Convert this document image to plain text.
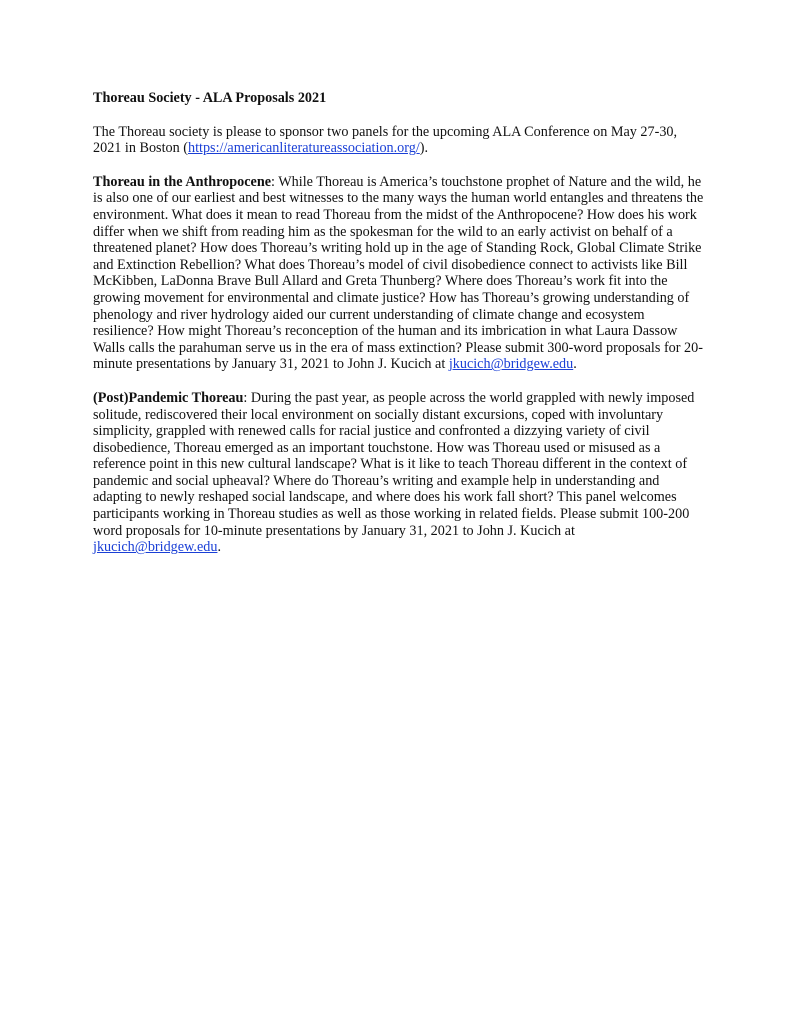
Thoreau Society - ALA Proposals 2021

The Thoreau society is please to sponsor two panels for the upcoming ALA Conference on May 27-30, 2021 in Boston (https://americanliteratureassociation.org/).

Thoreau in the Anthropocene: While Thoreau is America’s touchstone prophet of Nature and the wild, he is also one of our earliest and best witnesses to the many ways the human world entangles and threatens the environment. What does it mean to read Thoreau from the midst of the Anthropocene? How does his work differ when we shift from reading him as the spokesman for the wild to an early activist on behalf of a threatened planet? How does Thoreau’s writing hold up in the age of Standing Rock, Global Climate Strike and Extinction Rebellion? What does Thoreau’s model of civil disobedience connect to activists like Bill McKibben, LaDonna Brave Bull Allard and Greta Thunberg? Where does Thoreau’s work fit into the growing movement for environmental and climate justice? How has Thoreau’s growing understanding of phenology and river hydrology aided our current understanding of climate change and ecosystem resilience? How might Thoreau’s reconception of the human and its imbrication in what Laura Dassow Walls calls the parahuman serve us in the era of mass extinction? Please submit 300-word proposals for 20-minute presentations by January 31, 2021 to John J. Kucich at jkucich@bridgew.edu.

(Post)Pandemic Thoreau: During the past year, as people across the world grappled with newly imposed solitude, rediscovered their local environment on socially distant excursions, coped with involuntary simplicity, grappled with renewed calls for racial justice and confronted a dizzying variety of civil disobedience, Thoreau emerged as an important touchstone. How was Thoreau used or misused as a reference point in this new cultural landscape? What is it like to teach Thoreau different in the context of pandemic and social upheaval? Where do Thoreau’s writing and example help in understanding and adapting to newly reshaped social landscape, and where does his work fall short? This panel welcomes participants working in Thoreau studies as well as those working in related fields. Please submit 100-200 word proposals for 10-minute presentations by January 31, 2021 to John J. Kucich at jkucich@bridgew.edu.
